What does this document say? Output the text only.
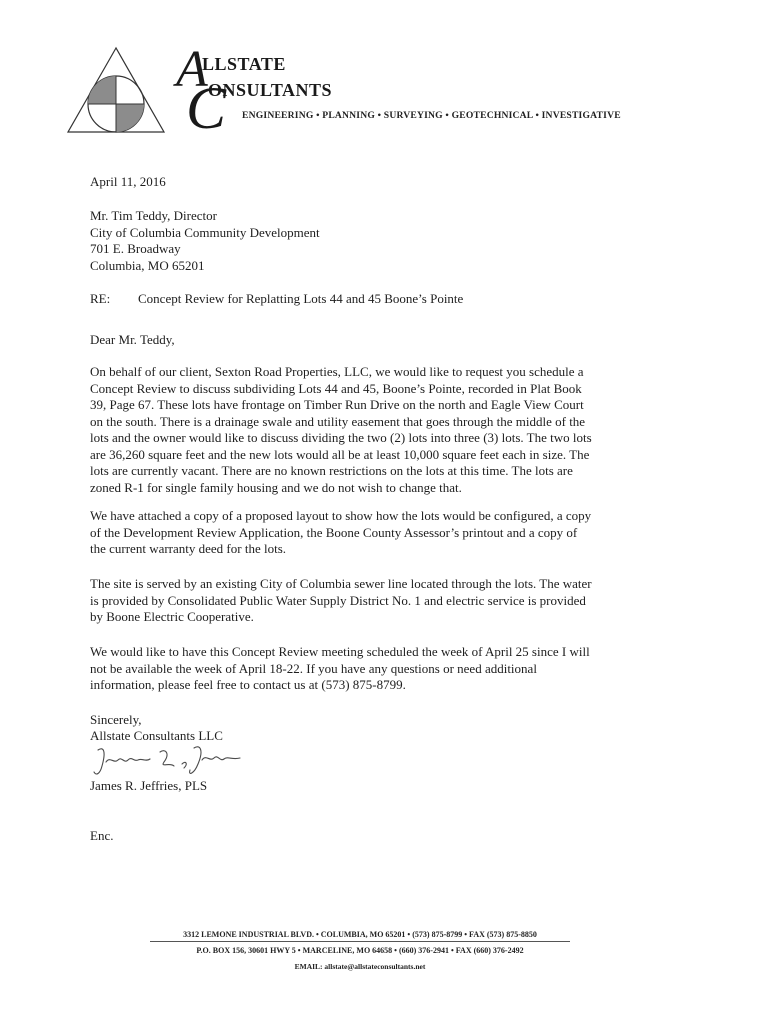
A
LLSTATE
C
ONSULTANTS
ENGINEERING • PLANNING • SURVEYING • GEOTECHNICAL • INVESTIGATIVE
April 11, 2016
Mr. Tim Teddy, Director
City of Columbia Community Development
701 E. Broadway
Columbia, MO 65201
RE: Concept Review for Replatting Lots 44 and 45 Boone’s Pointe
Dear Mr. Teddy,
On behalf of our client, Sexton Road Properties, LLC, we would like to request you schedule a
Concept Review to discuss subdividing Lots 44 and 45, Boone’s Pointe, recorded in Plat Book
39, Page 67. These lots have frontage on Timber Run Drive on the north and Eagle View Court
on the south. There is a drainage swale and utility easement that goes through the middle of the
lots and the owner would like to discuss dividing the two (2) lots into three (3) lots. The two lots
are 36,260 square feet and the new lots would all be at least 10,000 square feet each in size. The
lots are currently vacant. There are no known restrictions on the lots at this time. The lots are
zoned R-1 for single family housing and we do not wish to change that.
We have attached a copy of a proposed layout to show how the lots would be configured, a copy
of the Development Review Application, the Boone County Assessor’s printout and a copy of
the current warranty deed for the lots.
The site is served by an existing City of Columbia sewer line located through the lots. The water
is provided by Consolidated Public Water Supply District No. 1 and electric service is provided
by Boone Electric Cooperative.
We would like to have this Concept Review meeting scheduled the week of April 25 since I will
not be available the week of April 18-22. If you have any questions or need additional
information, please feel free to contact us at (573) 875-8799.
Sincerely,
Allstate Consultants LLC
James R. Jeffries, PLS
Enc.
3312 LEMONE INDUSTRIAL BLVD. • COLUMBIA, MO 65201 • (573) 875-8799 • FAX (573) 875-8850
P.O. BOX 156, 30601 HWY 5 • MARCELINE, MO 64658 • (660) 376-2941 • FAX (660) 376-2492
EMAIL: allstate@allstateconsultants.net
